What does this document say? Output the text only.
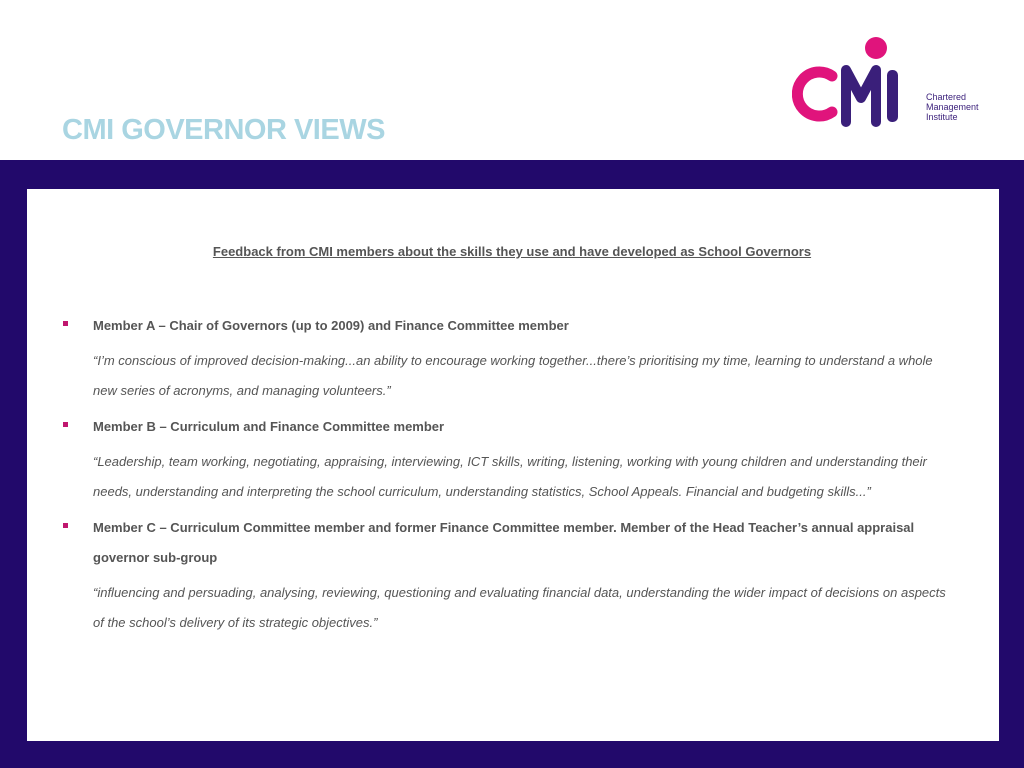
CMI GOVERNOR VIEWS
Chartered
Management
Institute
Feedback from CMI members about the skills they use and have developed as School Governors
Member A – Chair of Governors (up to 2009) and Finance Committee member
“I’m conscious of improved decision-making...an ability to encourage working together...there’s prioritising my time, learning to understand a whole new series of acronyms, and managing volunteers.”
Member B – Curriculum and Finance Committee member
“Leadership, team working, negotiating, appraising, interviewing, ICT skills, writing, listening, working with young children and understanding their needs, understanding and interpreting the school curriculum, understanding statistics, School Appeals. Financial and budgeting skills...”
Member C – Curriculum Committee member and former Finance Committee member. Member of the Head Teacher’s annual appraisal governor sub-group
“influencing and persuading, analysing, reviewing, questioning and evaluating financial data, understanding the wider impact of decisions on aspects of the school’s delivery of its strategic objectives.”
